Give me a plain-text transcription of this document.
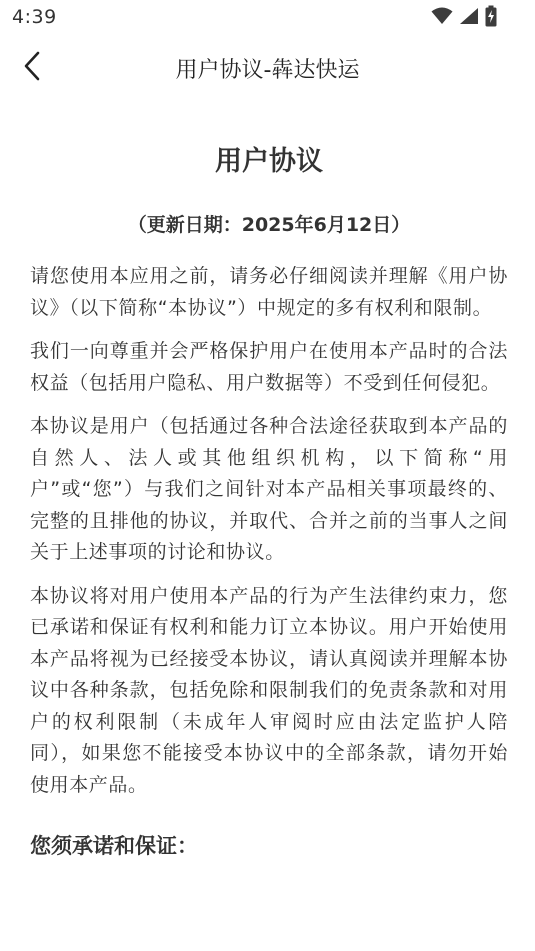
4:39
用户协议-犇达快运
用户协议
（更新日期：2025年6月12日）

请您使用本应用之前，请务必仔细阅读并理解《用户协议》（以下简称“本协议”）中规定的多有权利和限制。

我们一向尊重并会严格保护用户在使用本产品时的合法权益（包括用户隐私、用户数据等）不受到任何侵犯。

本协议是用户（包括通过各种合法途径获取到本产品的自然人、法人或其他组织机构，以下简称“用户”或“您”）与我们之间针对本产品相关事项最终的、完整的且排他的协议，并取代、合并之前的当事人之间关于上述事项的讨论和协议。

本协议将对用户使用本产品的行为产生法律约束力，您已承诺和保证有权利和能力订立本协议。用户开始使用本产品将视为已经接受本协议，请认真阅读并理解本协议中各种条款，包括免除和限制我们的免责条款和对用户的权利限制（未成年人审阅时应由法定监护人陪同），如果您不能接受本协议中的全部条款，请勿开始使用本产品。

您须承诺和保证：
